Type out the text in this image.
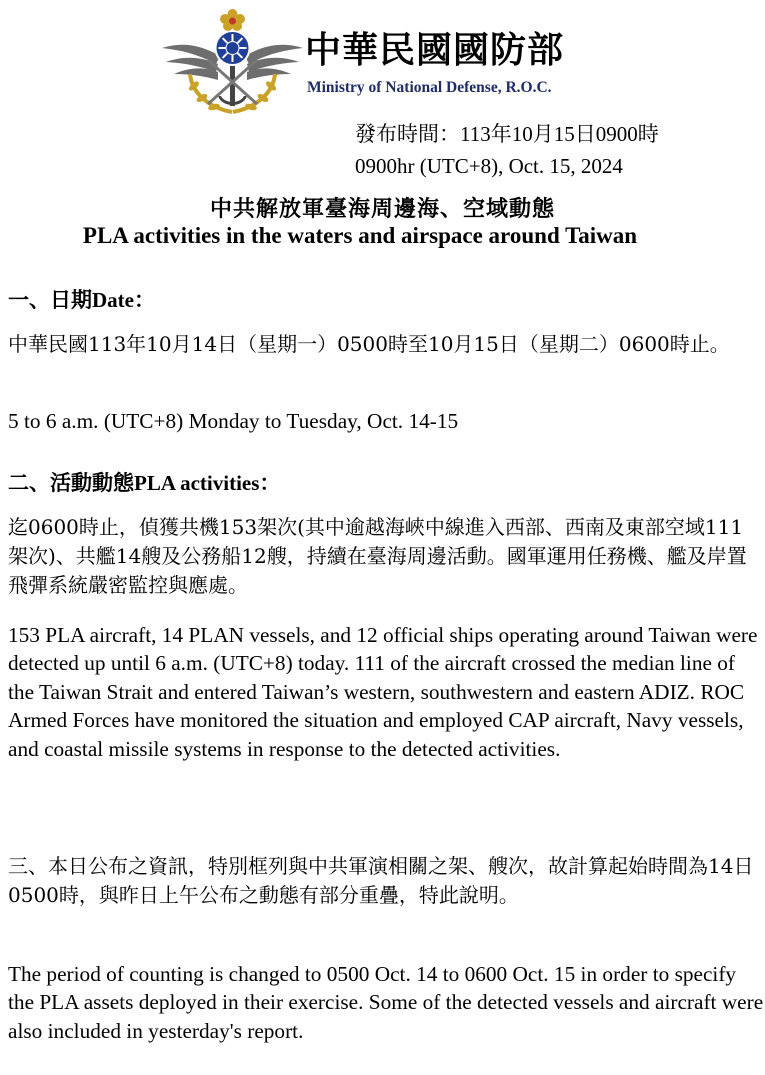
中華民國國防部
Ministry of National Defense, R.O.C.
發布時間：113年10月15日0900時
0900hr (UTC+8), Oct. 15, 2024
中共解放軍臺海周邊海、空域動態
PLA activities in the waters and airspace around Taiwan
一、日期Date：
中華民國113年10月14日（星期一）0500時至10月15日（星期二）0600時止。
5 to 6 a.m. (UTC+8) Monday to Tuesday, Oct. 14-15
二、活動動態PLA activities：
迄0600時止，偵獲共機153架次(其中逾越海峽中線進入西部、西南及東部空域111架次)、共艦14艘及公務船12艘，持續在臺海周邊活動。國軍運用任務機、艦及岸置飛彈系統嚴密監控與應處。
153 PLA aircraft, 14 PLAN vessels, and 12 official ships operating around Taiwan were detected up until 6 a.m. (UTC+8) today. 111 of the aircraft crossed the median line of the Taiwan Strait and entered Taiwan’s western, southwestern and eastern ADIZ. ROC Armed Forces have monitored the situation and employed CAP aircraft, Navy vessels, and coastal missile systems in response to the detected activities.
三、本日公布之資訊，特別框列與中共軍演相關之架、艘次，故計算起始時間為14日0500時，與昨日上午公布之動態有部分重疊，特此說明。
The period of counting is changed to 0500 Oct. 14 to 0600 Oct. 15 in order to specify the PLA assets deployed in their exercise. Some of the detected vessels and aircraft were also included in yesterday's report.
